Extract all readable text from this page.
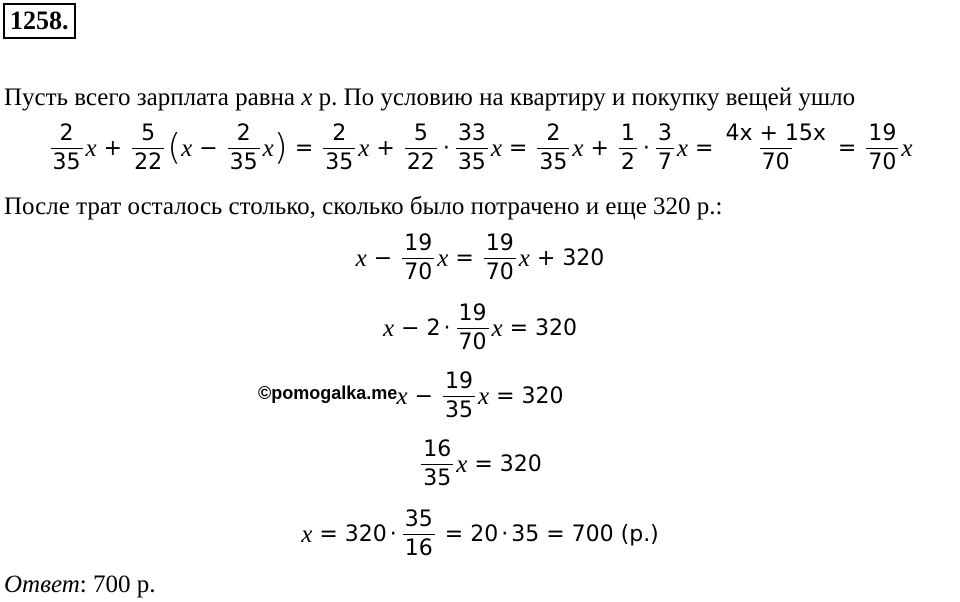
1258.
Пусть всего зарплата равна x р. По условию на квартиру и покупку вещей ушло
$\frac{2}{35}$ $x + \frac{5}{22}$ ( $x - \frac{2}{35}$ x ) = $\frac{2}{35}$ $x + \frac{5}{22} \cdot \frac{33}{35}$ $x = \frac{2}{35}$ $x + \frac{1}{2} \cdot \frac{3}{7}$ $x = \frac{4x + 15x}{70} = \frac{19}{70}$ x
После трат осталось столько, сколько было потрачено и еще 320 р.:
$x - \frac{19}{70}$ $x = \frac{19}{70}$ x + 320
$x - 2 \cdot \frac{19}{70}$ x = 320
©pomogalka.me $x - \frac{19}{35}$ x = 320
$\frac{16}{35}$ x = 320
$x = 320 \cdot \frac{35}{16} = 20 \cdot 35 = 700$
(р.)
Ответ: 700 р.
